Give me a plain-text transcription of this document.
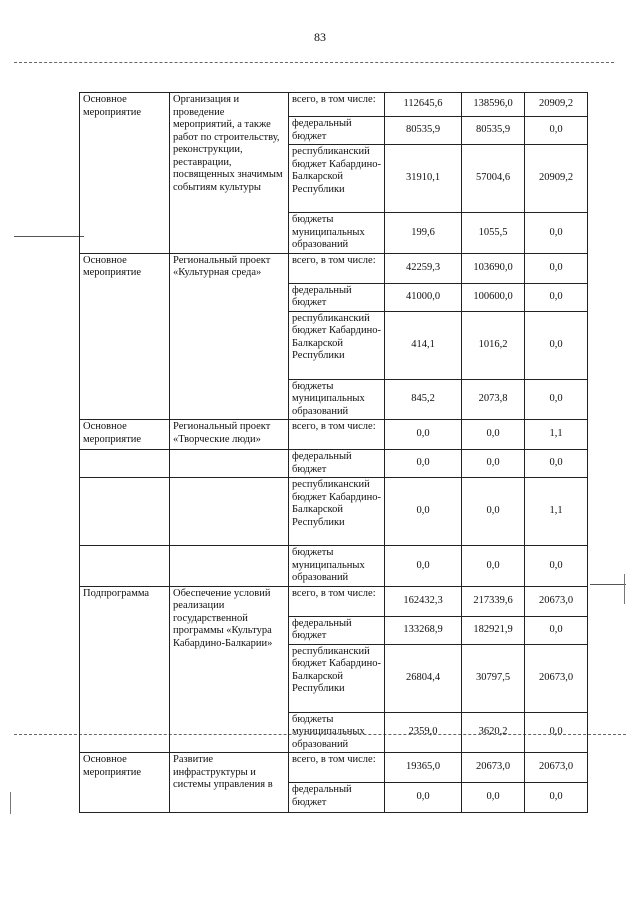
83
Основное мероприятие	Организация и проведение мероприятий, а также работ по строительству, реконструкции, реставрации, посвященных значимым событиям культуры	всего, в том числе:	112645,6	138596,0	20909,2
		федеральный бюджет	80535,9	80535,9	0,0
		республиканский бюджет Кабардино-Балкарской Республики	31910,1	57004,6	20909,2
		бюджеты муниципальных образований	199,6	1055,5	0,0
Основное мероприятие	Региональный проект «Культурная среда»	всего, в том числе:	42259,3	103690,0	0,0
		федеральный бюджет	41000,0	100600,0	0,0
		республиканский бюджет Кабардино-Балкарской Республики	414,1	1016,2	0,0
		бюджеты муниципальных образований	845,2	2073,8	0,0
Основное мероприятие	Региональный проект «Творческие люди»	всего, в том числе:	0,0	0,0	1,1
		федеральный бюджет	0,0	0,0	0,0
		республиканский бюджет Кабардино-Балкарской Республики	0,0	0,0	1,1
		бюджеты муниципальных образований	0,0	0,0	0,0
Подпрограмма	Обеспечение условий реализации государственной программы «Культура Кабардино-Балкарии»	всего, в том числе:	162432,3	217339,6	20673,0
		федеральный бюджет	133268,9	182921,9	0,0
		республиканский бюджет Кабардино-Балкарской Республики	26804,4	30797,5	20673,0
		бюджеты муниципальных образований	2359,0	3620,2	0,0
Основное мероприятие	Развитие инфраструктуры и системы управления в	всего, в том числе:	19365,0	20673,0	20673,0
		федеральный бюджет	0,0	0,0	0,0
